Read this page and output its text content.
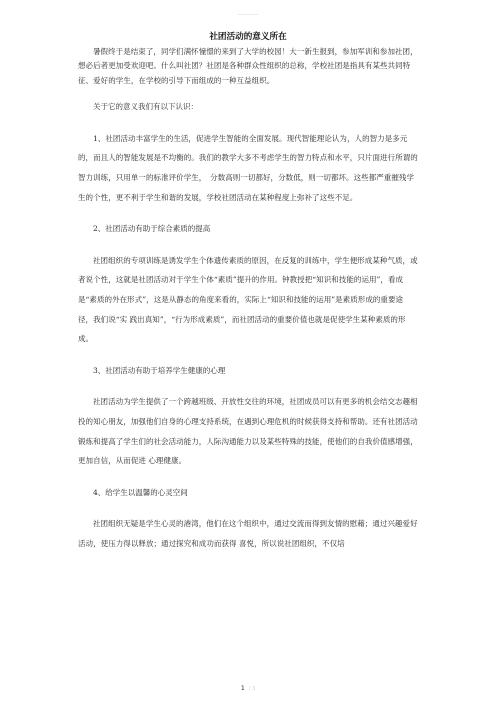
————
社团活动的意义所在

暑假终于是结束了，同学们满怀憧憬的来到了大学的校园！大一新生报到，参加军训和参加社团，想必后者更加受欢迎吧。什么叫社团？社团是各种群众性组织的总称，学校社团是指具有某些共同特征、爱好的学生，在学校的引导下而组成的一种互益组织。

关于它的意义我们有以下认识：

1、社团活动丰富学生的生活，促进学生智能的全面发展。现代智能理论认为，人的智力是多元的，而且人的智能发展是不均衡的。我们的教学大多不考虑学生的智力特点和水平，只片面进行所谓的智力训练，只用单一的标准评价学生，　分数高则一切都好，分数低，则一切都坏。这些都严重摧残学生的个性，更不利于学生和谐的发展，学校社团活动在某种程度上弥补了这些不足。

2、社团活动有助于综合素质的提高

社团组织的专项训练是诱发学生个体遗传素质的原因，在反复的训练中，学生便形成某种气质，或者说个性，这就是社团活动对于学生个体“素质”提升的作用。钟教授把“知识和技能的运用”，看成是“素质的外在形式”，这是从静态的角度来看的，实际上“知识和技能的运用”是素质形成的重要途径，我们说“实 践出真知”，“行为形成素质”，而社团活动的重要价值也就是促使学生某种素质的形成。

3、社团活动有助于培养学生健康的心理

社团活动为学生提供了一个跨越班级、开放性交往的环境，社团成员可以有更多的机会结交志趣相投的知心朋友，加强他们自身的心理支持系统，在遇到心理危机的时候获得支持和帮助。还有社团活动锻炼和提高了学生们的社会活动能力，人际沟通能力以及某些特殊的技能，使他们的自我价值感增强，更加自信，从而促进 心理健康。

4、给学生以温馨的心灵空间

社团组织无疑是学生心灵的港湾，他们在这个组织中，通过交流而得到友情的慰藉；通过兴趣爱好活动，使压力得以释放；通过探究和成功而获得 喜悦，所以说社团组织，不仅培

1 / 3
